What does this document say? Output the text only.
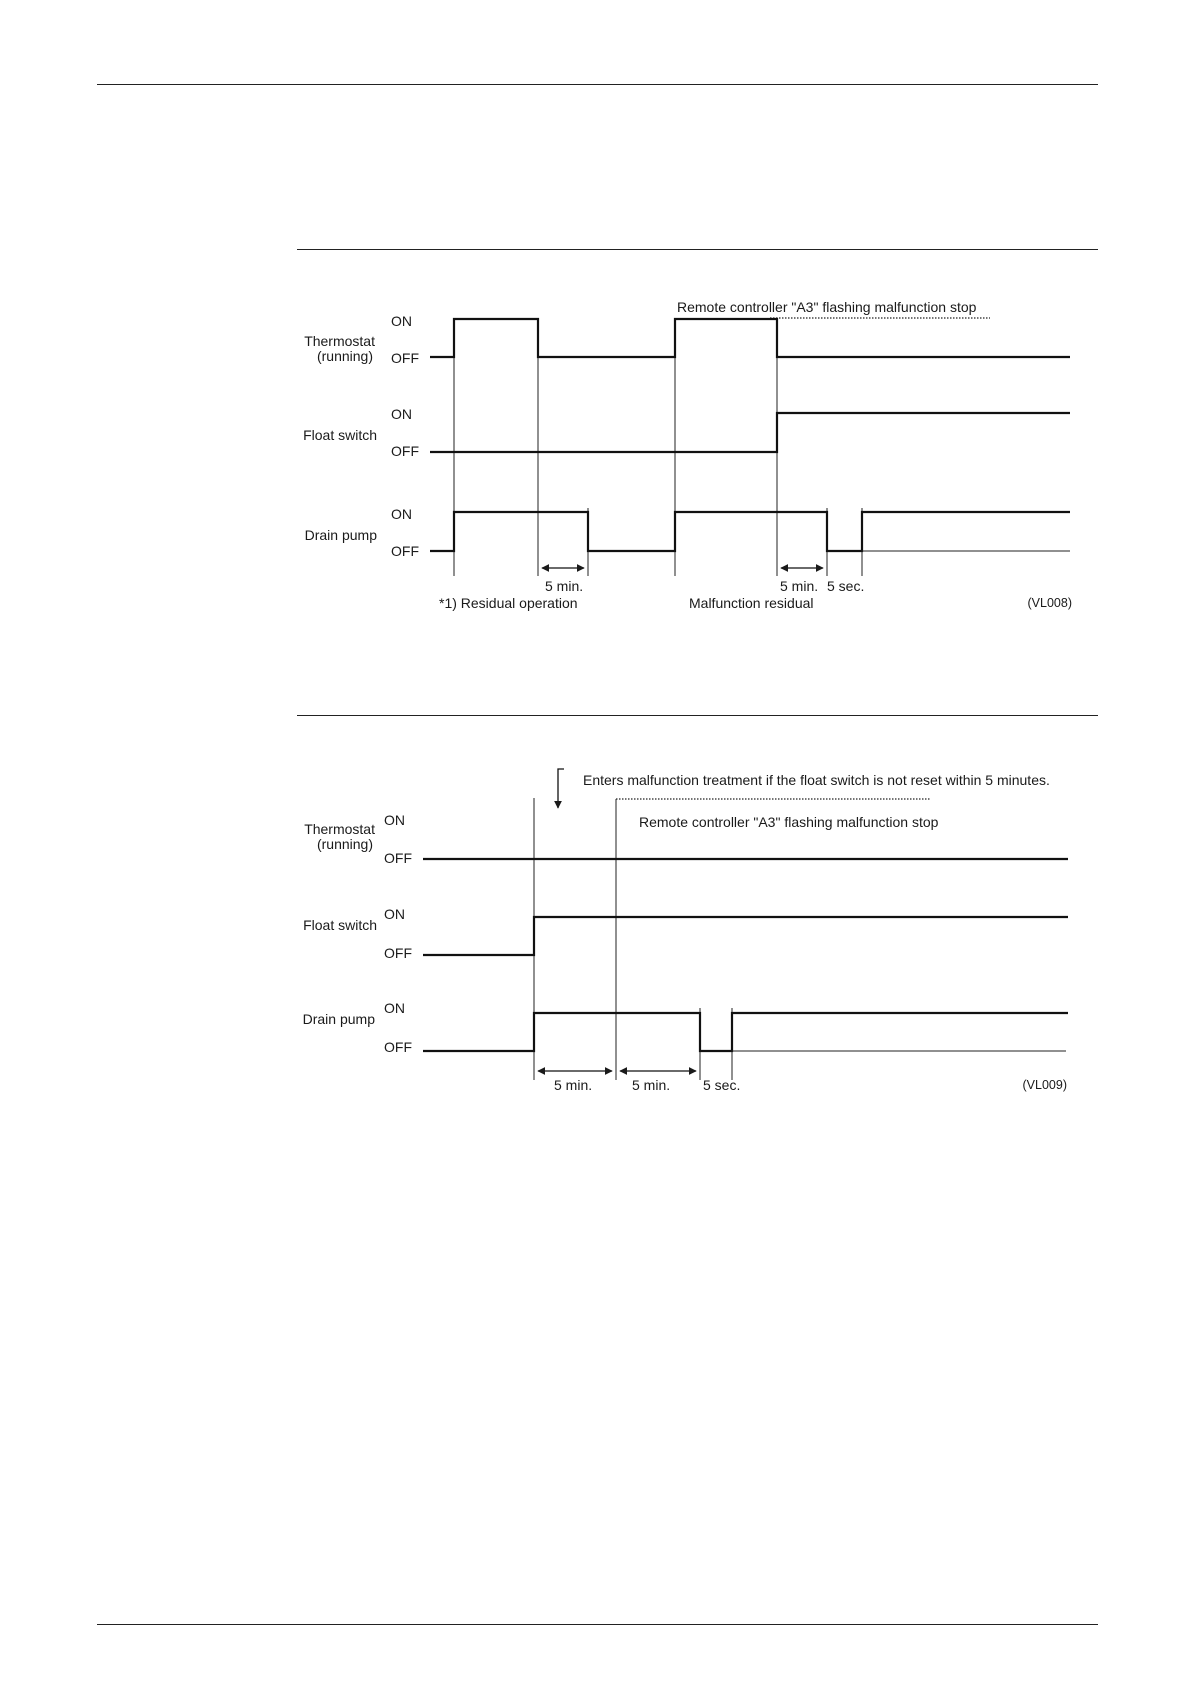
Thermostat
(running)
Float switch
Drain pump
ON
OFF
ON
OFF
ON
OFF
Remote controller "A3" flashing malfunction stop
5 min.	5 min. 5 sec.
*1) Residual operation	Malfunction residual	(VL008)
Enters malfunction treatment if the float switch is not reset within 5 minutes.
Remote controller "A3" flashing malfunction stop
Thermostat
(running)
Float switch
Drain pump
ON
OFF
ON
OFF
ON
OFF
5 min.	5 min. 5 sec.	(VL009)
